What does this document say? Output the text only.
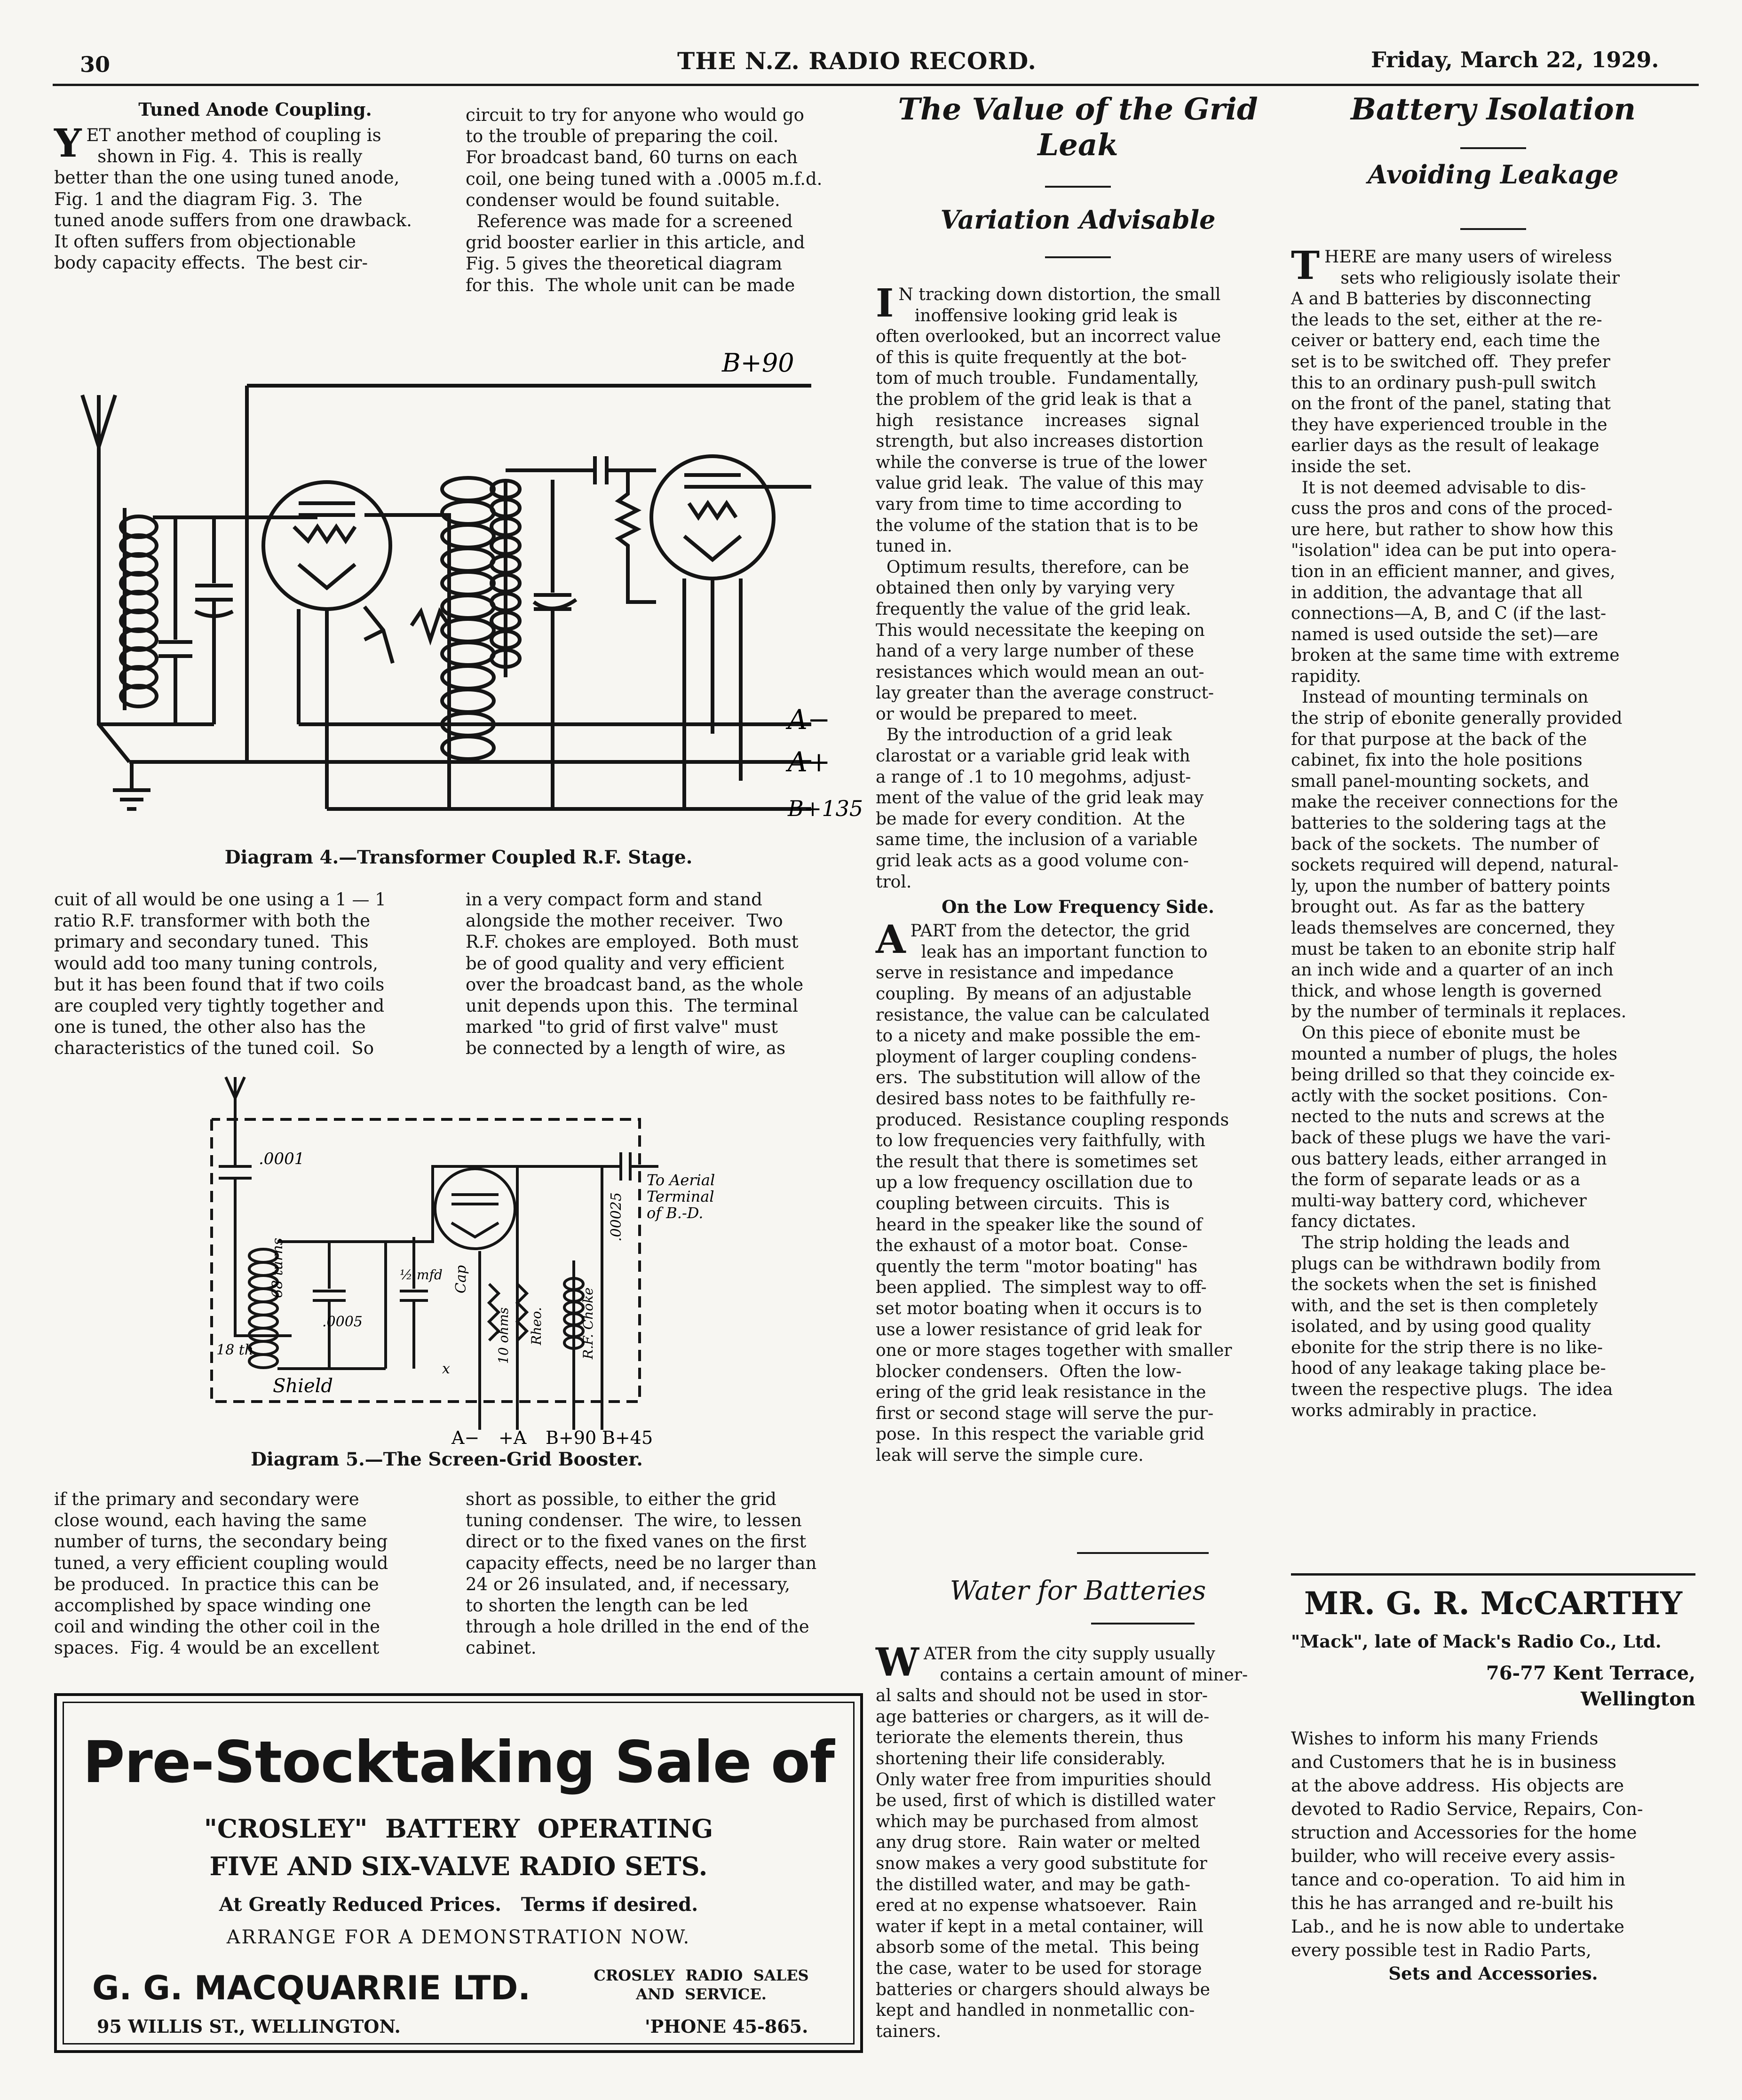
30	THE N.Z. RADIO RECORD.	Friday, March 22, 1929.
Tuned Anode Coupling.
YET another method of coupling is
shown in Fig. 4.  This is really
better than the one using tuned anode,
Fig. 1 and the diagram Fig. 3.  The
tuned anode suffers from one drawback.
It often suffers from objectionable
body capacity effects.  The best cir-
circuit to try for anyone who would go
to the trouble of preparing the coil.
For broadcast band, 60 turns on each
coil, one being tuned with a .0005 m.f.d.
condenser would be found suitable.
Reference was made for a screened
grid booster earlier in this article, and
Fig. 5 gives the theoretical diagram
for this.  The whole unit can be made
B+90
A−
A+
B+135
Diagram 4.—Transformer Coupled R.F. Stage.
cuit of all would be one using a 1 — 1
ratio R.F. transformer with both the
primary and secondary tuned.  This
would add too many tuning controls,
but it has been found that if two coils
are coupled very tightly together and
one is tuned, the other also has the
characteristics of the tuned coil.  So
in a very compact form and stand
alongside the mother receiver.  Two
R.F. chokes are employed.  Both must
be of good quality and very efficient
over the broadcast band, as the whole
unit depends upon this.  The terminal
marked "to grid of first valve" must
be connected by a length of wire, as
.0001
68 turns
18 th
.0005
½ mfd Cap
10 ohms Rheo.	R.F. Choke
.00025
To Aerial
Terminal
of B.-D.
Shield
x
A− +A B+90 B+45
Diagram 5.—The Screen-Grid Booster.
if the primary and secondary were
close wound, each having the same
number of turns, the secondary being
tuned, a very efficient coupling would
be produced.  In practice this can be
accomplished by space winding one
coil and winding the other coil in the
spaces.  Fig. 4 would be an excellent
short as possible, to either the grid
tuning condenser.  The wire, to lessen
direct or to the fixed vanes on the first
capacity effects, need be no larger than
24 or 26 insulated, and, if necessary,
to shorten the length can be led
through a hole drilled in the end of the
cabinet.
Pre-Stocktaking Sale of
"CROSLEY"  BATTERY  OPERATING
FIVE AND SIX-VALVE RADIO SETS.
At Greatly Reduced Prices.   Terms if desired.
ARRANGE FOR A DEMONSTRATION NOW.
G. G. MACQUARRIE LTD.	CROSLEY  RADIO  SALES
AND  SERVICE.
95 WILLIS ST., WELLINGTON.	'PHONE 45-865.
The Value of the Grid Leak
Variation Advisable
I N tracking down distortion, the small
inoffensive looking grid leak is
often overlooked, but an incorrect value
of this is quite frequently at the bot-
tom of much trouble.  Fundamentally,
the problem of the grid leak is that a
high    resistance    increases    signal
strength, but also increases distortion
while the converse is true of the lower
value grid leak.  The value of this may
vary from time to time according to
the volume of the station that is to be
tuned in.
Optimum results, therefore, can be
obtained then only by varying very
frequently the value of the grid leak.
This would necessitate the keeping on
hand of a very large number of these
resistances which would mean an out-
lay greater than the average construct-
or would be prepared to meet.
By the introduction of a grid leak
clarostat or a variable grid leak with
a range of .1 to 10 megohms, adjust-
ment of the value of the grid leak may
be made for every condition.  At the
same time, the inclusion of a variable
grid leak acts as a good volume con-
trol.
On the Low Frequency Side.
APART from the detector, the grid
leak has an important function to
serve in resistance and impedance
coupling.  By means of an adjustable
resistance, the value can be calculated
to a nicety and make possible the em-
ployment of larger coupling condens-
ers.  The substitution will allow of the
desired bass notes to be faithfully re-
produced.  Resistance coupling responds
to low frequencies very faithfully, with
the result that there is sometimes set
up a low frequency oscillation due to
coupling between circuits.  This is
heard in the speaker like the sound of
the exhaust of a motor boat.  Conse-
quently the term "motor boating" has
been applied.  The simplest way to off-
set motor boating when it occurs is to
use a lower resistance of grid leak for
one or more stages together with smaller
blocker condensers.  Often the low-
ering of the grid leak resistance in the
first or second stage will serve the pur-
pose.  In this respect the variable grid
leak will serve the simple cure.
Water for Batteries
WATER from the city supply usually
contains a certain amount of miner-
al salts and should not be used in stor-
age batteries or chargers, as it will de-
teriorate the elements therein, thus
shortening their life considerably.
Only water free from impurities should
be used, first of which is distilled water
which may be purchased from almost
any drug store.  Rain water or melted
snow makes a very good substitute for
the distilled water, and may be gath-
ered at no expense whatsoever.  Rain
water if kept in a metal container, will
absorb some of the metal.  This being
the case, water to be used for storage
batteries or chargers should always be
kept and handled in nonmetallic con-
tainers.
Battery Isolation
Avoiding Leakage
THERE are many users of wireless
sets who religiously isolate their
A and B batteries by disconnecting
the leads to the set, either at the re-
ceiver or battery end, each time the
set is to be switched off.  They prefer
this to an ordinary push-pull switch
on the front of the panel, stating that
they have experienced trouble in the
earlier days as the result of leakage
inside the set.
It is not deemed advisable to dis-
cuss the pros and cons of the proced-
ure here, but rather to show how this
"isolation" idea can be put into opera-
tion in an efficient manner, and gives,
in addition, the advantage that all
connections—A, B, and C (if the last-
named is used outside the set)—are
broken at the same time with extreme
rapidity.
Instead of mounting terminals on
the strip of ebonite generally provided
for that purpose at the back of the
cabinet, fix into the hole positions
small panel-mounting sockets, and
make the receiver connections for the
batteries to the soldering tags at the
back of the sockets.  The number of
sockets required will depend, natural-
ly, upon the number of battery points
brought out.  As far as the battery
leads themselves are concerned, they
must be taken to an ebonite strip half
an inch wide and a quarter of an inch
thick, and whose length is governed
by the number of terminals it replaces.
On this piece of ebonite must be
mounted a number of plugs, the holes
being drilled so that they coincide ex-
actly with the socket positions.  Con-
nected to the nuts and screws at the
back of these plugs we have the vari-
ous battery leads, either arranged in
the form of separate leads or as a
multi-way battery cord, whichever
fancy dictates.
The strip holding the leads and
plugs can be withdrawn bodily from
the sockets when the set is finished
with, and the set is then completely
isolated, and by using good quality
ebonite for the strip there is no like-
hood of any leakage taking place be-
tween the respective plugs.  The idea
works admirably in practice.
MR. G. R. McCARTHY
"Mack", late of Mack's Radio Co., Ltd.
76-77 Kent Terrace,
Wellington
Wishes to inform his many Friends
and Customers that he is in business
at the above address.  His objects are
devoted to Radio Service, Repairs, Con-
struction and Accessories for the home
builder, who will receive every assis-
tance and co-operation.  To aid him in
this he has arranged and re-built his
Lab., and he is now able to undertake
every possible test in Radio Parts,
Sets and Accessories.
